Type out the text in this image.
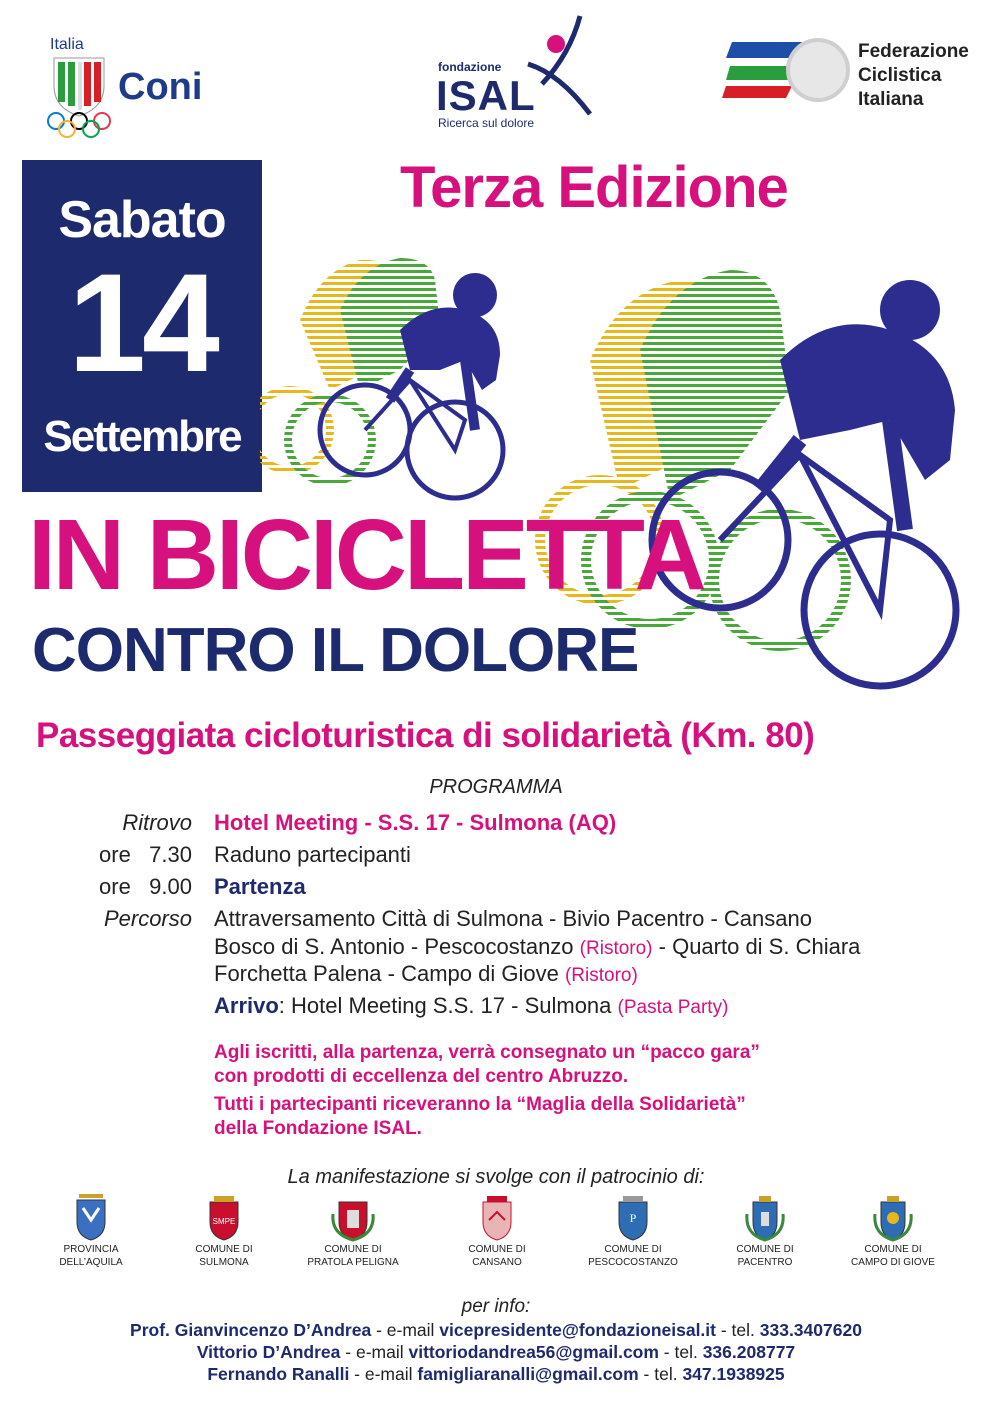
Italia
Coni	fondazione
ISAL
Ricerca sul dolore
Federazione
Ciclistica
Italiana
Sabato
14
Settembre
Terza Edizione
IN BICICLETTA
CONTRO IL DOLORE
Passeggiata cicloturistica di solidarietà (Km. 80)
PROGRAMMA
Ritrovo Hotel Meeting - S.S. 17 - Sulmona (AQ)
ore   7.30 Raduno partecipanti
ore   9.00 Partenza
Percorso Attraversamento Città di Sulmona - Bivio Pacentro - Cansano
Bosco di S. Antonio - Pescocostanzo (Ristoro) - Quarto di S. Chiara
Forchetta Palena - Campo di Giove (Ristoro)
Arrivo: Hotel Meeting S.S. 17 - Sulmona (Pasta Party)
Agli iscritti, alla partenza, verrà consegnato un “pacco gara”
con prodotti di eccellenza del centro Abruzzo.
Tutti i partecipanti riceveranno la “Maglia della Solidarietà”
della Fondazione ISAL.
La manifestazione si svolge con il patrocinio di:
PROVINCIA
DELL’AQUILA
SMPE
COMUNE DI
SULMONA
COMUNE DI
PRATOLA PELIGNA
COMUNE DI
CANSANO
P
COMUNE DI
PESCOCOSTANZO
COMUNE DI
PACENTRO
COMUNE DI
CAMPO DI GIOVE
per info:
Prof. Gianvincenzo D’Andrea - e-mail vicepresidente@fondazioneisal.it - tel. 333.3407620
Vittorio D’Andrea - e-mail vittoriodandrea56@gmail.com - tel. 336.208777
Fernando Ranalli - e-mail famigliaranalli@gmail.com - tel. 347.1938925
